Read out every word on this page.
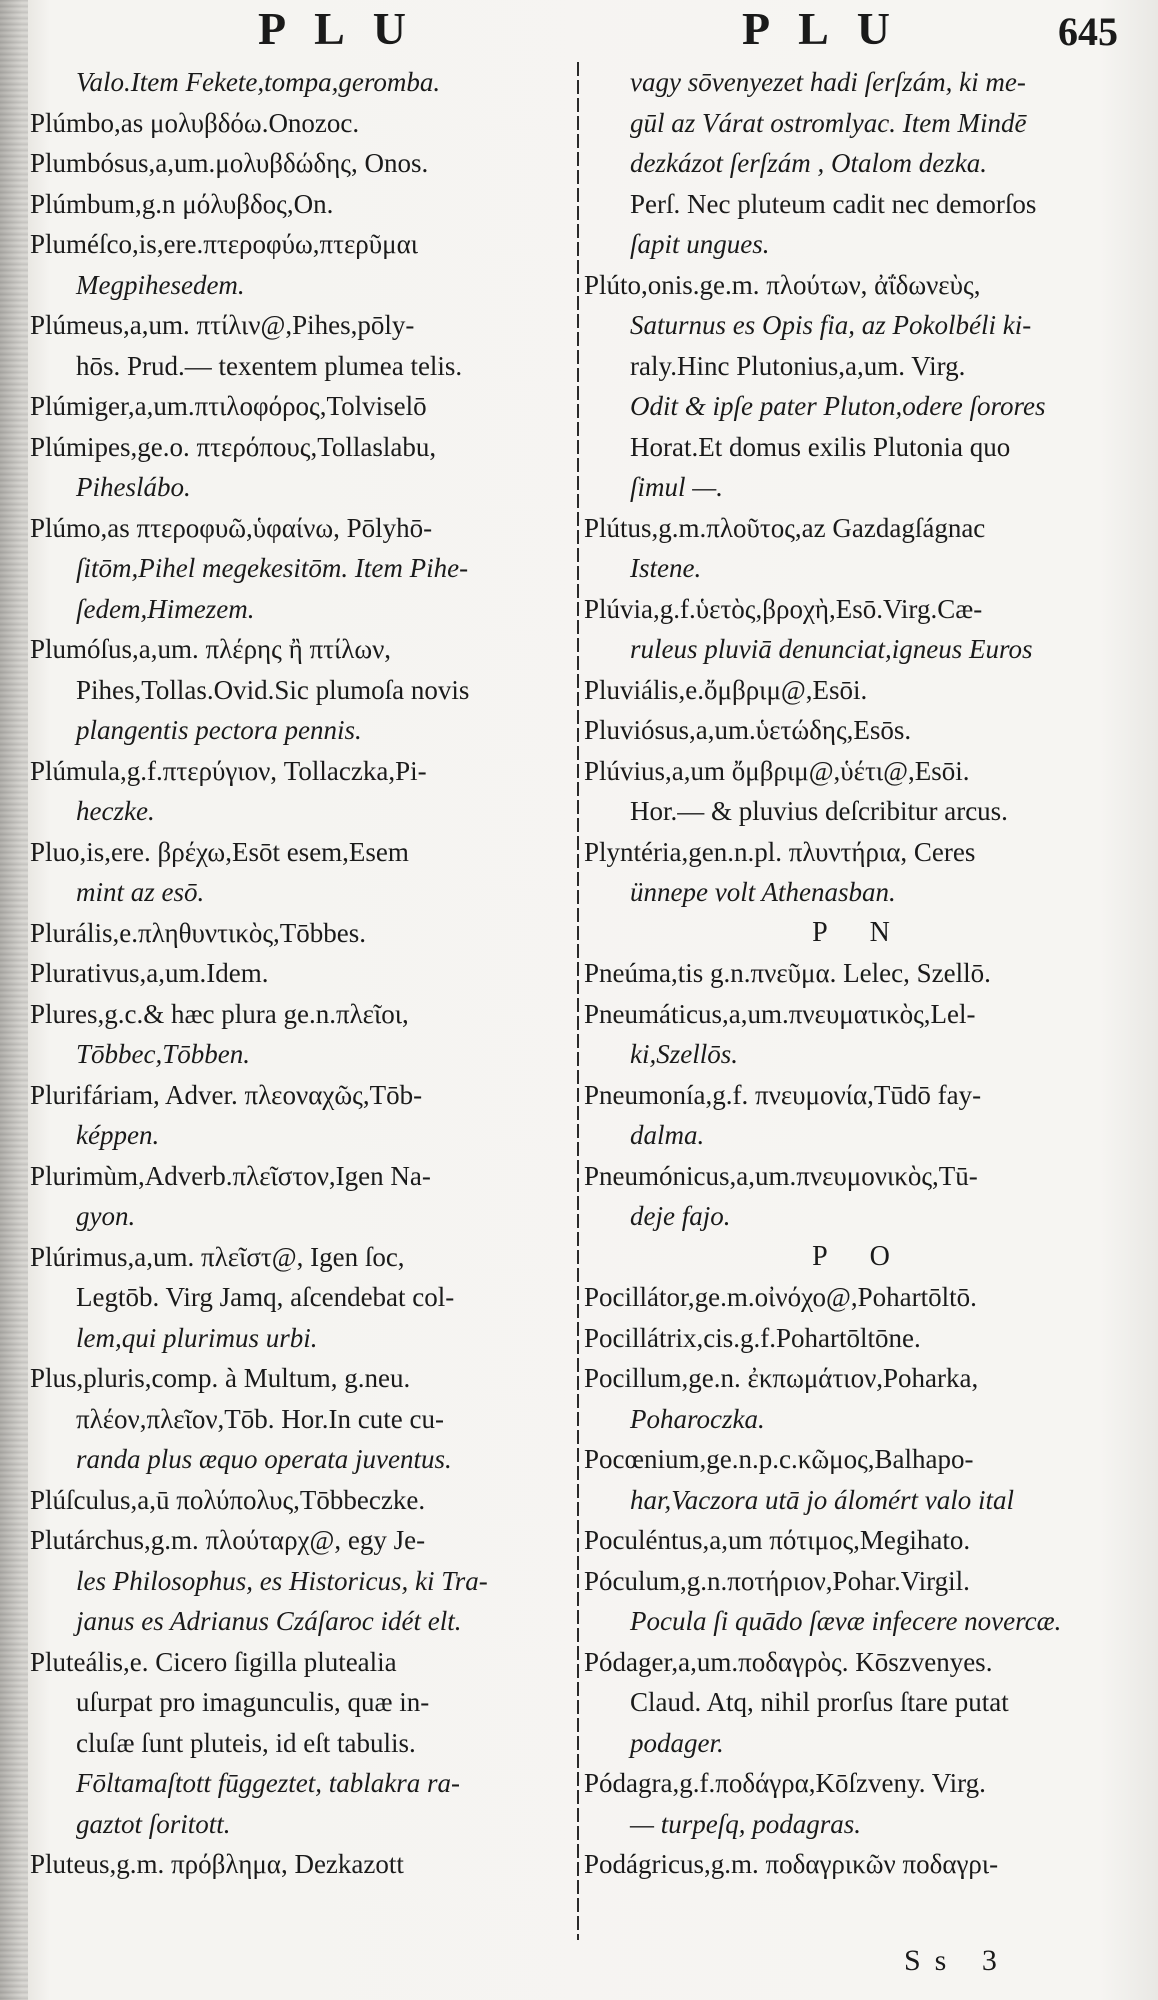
PLU	PLU	645
Valo.Item Fekete,tompa,geromba.
Plúmbo,as μολυβδόω.Onozoc.
Plumbósus,a,um.μολυβδώδης, Onos.
Plúmbum,g.n μόλυβδος,On.
Pluméſco,is,ere.πτερoφύω,πτερῦμαι
Megpihesedem.
Plúmeus,a,um. πτίλιν@,Pihes,pōly-
hōs. Prud.— texentem plumea telis.
Plúmiger,a,um.πτιλοφόρος,Tolviselō
Plúmipes,ge.o. πτερόπους,Tollaslabu,
Piheslábo.
Plúmo,as πτεροφυῶ,ὑφαίνω, Pōlyhō-
ſitōm,Pihel megekesitōm. Item Pihe-
ſedem,Himezem.
Plumóſus,a,um. πλέρης ἢ πτίλων,
Pihes,Tollas.Ovid.Sic plumoſa novis
plangentis pectora pennis.
Plúmula,g.f.πτερύγιον, Tollaczka,Pi-
heczke.
Pluo,is,ere. βρέχω,Esōt esem,Esem
mint az esō.
Plurális,e.πληθυντικὸς,Tōbbes.
Plurativus,a,um.Idem.
Plures,g.c.& hæc plura ge.n.πλεῖοι,
Tōbbec,Tōbben.
Plurifáriam, Adver. πλεοναχῶς,Tōb-
képpen.
Plurimùm,Adverb.πλεῖστον,Igen Na-
gyon.
Plúrimus,a,um. πλεῖστ@, Igen ſoc,
Legtōb. Virg Jamq, aſcendebat col-
lem,qui plurimus urbi.
Plus,pluris,comp. à Multum, g.neu.
πλέον,πλεῖον,Tōb. Hor.In cute cu-
randa plus æquo operata juventus.
Plúſculus,a,ū πολύπολυς,Tōbbeczke.
Plutárchus,g.m. πλούταρχ@, egy Je-
les Philosophus, es Historicus, ki Tra-
janus es Adrianus Czáſaroc idét elt.
Pluteális,e. Cicero ſigilla plutealia
uſurpat pro imagunculis, quæ in-
cluſæ ſunt pluteis, id eſt tabulis.
Fōltamaſtott fūggeztet, tablakra ra-
gaztot ſoritott.
Pluteus,g.m. πρόβλημα, Dezkazott
vagy sōvenyezet hadi ſerſzám, ki me-
gūl az Várat ostromlyac. Item Mindē
dezkázot ſerſzám , Otalom dezka.
Perſ. Nec pluteum cadit nec demorſos
ſapit ungues.
Plúto,onis.ge.m. πλούτων, ἀΐδωνεὺς,
Saturnus es Opis fia, az Pokolbéli ki-
raly.Hinc Plutonius,a,um. Virg.
Odit & ipſe pater Pluton,odere ſorores
Horat.Et domus exilis Plutonia quo
ſimul —.
Plútus,g.m.πλοῦτος,az Gazdagſágnac
Istene.
Plúvia,g.f.ὑετὸς,βροχὴ,Esō.Virg.Cæ-
ruleus pluviā denunciat,igneus Euros
Pluviális,e.ὄμβριμ@,Esōi.
Pluviósus,a,um.ὑετώδης,Esōs.
Plúvius,a,um ὄμβριμ@,ὑέτι@,Esōi.
Hor.— & pluvius deſcribitur arcus.
Plyntéria,gen.n.pl. πλυντήρια, Ceres
ünnepe volt Athenasban.
P N
Pneúma,tis g.n.πνεῦμα. Lelec, Szellō.
Pneumáticus,a,um.πνευματικὸς,Lel-
ki,Szellōs.
Pneumonía,g.f. πνευμονία,Tūdō fay-
dalma.
Pneumónicus,a,um.πνευμονικὸς,Tū-
deje fajo.
P O
Pocillátor,ge.m.οἰνόχο@,Pohartōltō.
Pocillátrix,cis.g.f.Pohartōltōne.
Pocillum,ge.n. ἐκπωμάτιον,Poharka,
Poharoczka.
Pocœnium,ge.n.p.c.κῶμος,Balhapo-
har,Vaczora utā jo álomért valo ital
Poculéntus,a,um πότιμος,Megihato.
Póculum,g.n.ποτήριον,Pohar.Virgil.
Pocula ſi quādo ſævæ infecere novercæ.
Pódager,a,um.ποδαγρὸς. Kōszvenyes.
Claud. Atq, nihil prorſus ſtare putat
podager.
Pódagra,g.f.ποδάγρα,Kōſzveny. Virg.
— turpeſq, podagras.
Podágricus,g.m. ποδαγρικῶν ποδαγρι-
Ss 3
